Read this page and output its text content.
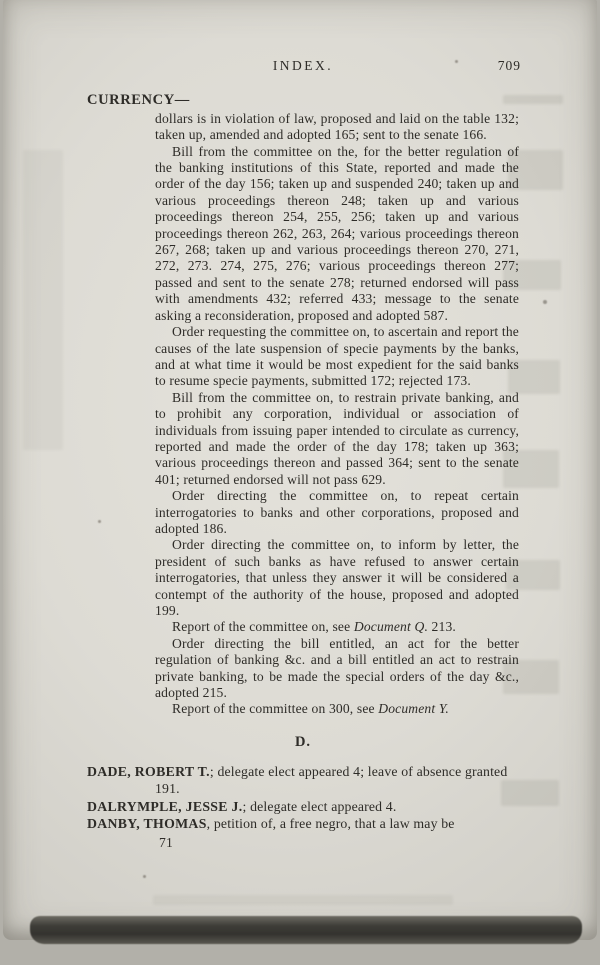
INDEX.	709

CURRENCY—

dollars is in violation of law, proposed and laid on the table 132; taken up, amended and adopted 165; sent to the senate 166.

Bill from the committee on the, for the better regulation of the banking institutions of this State, reported and made the order of the day 156; taken up and suspended 240; taken up and various proceedings thereon 248; taken up and various proceedings thereon 254, 255, 256; taken up and various proceedings thereon 262, 263, 264; various proceedings thereon 267, 268; taken up and various proceedings thereon 270, 271, 272, 273. 274, 275, 276; various proceedings thereon 277; passed and sent to the senate 278; returned endorsed will pass with amendments 432; referred 433; message to the senate asking a reconsideration, proposed and adopted 587.

Order requesting the committee on, to ascertain and report the causes of the late suspension of specie payments by the banks, and at what time it would be most expedient for the said banks to resume specie payments, submitted 172; rejected 173.

Bill from the committee on, to restrain private banking, and to prohibit any corporation, individual or association of individuals from issuing paper intended to circulate as currency, reported and made the order of the day 178; taken up 363; various proceedings thereon and passed 364; sent to the senate 401; returned endorsed will not pass 629.

Order directing the committee on, to repeat certain interrogatories to banks and other corporations, proposed and adopted 186.

Order directing the committee on, to inform by letter, the president of such banks as have refused to answer certain interrogatories, that unless they answer it will be considered a contempt of the authority of the house, proposed and adopted 199.

Report of the committee on, see Document Q. 213.

Order directing the bill entitled, an act for the better regulation of banking &c. and a bill entitled an act to restrain private banking, to be made the special orders of the day &c., adopted 215.

Report of the committee on 300, see Document Y.

D.

DADE, ROBERT T.; delegate elect appeared 4; leave of absence granted 191.

DALRYMPLE, JESSE J.; delegate elect appeared 4.

DANBY, THOMAS, petition of, a free negro, that a law may be

71
